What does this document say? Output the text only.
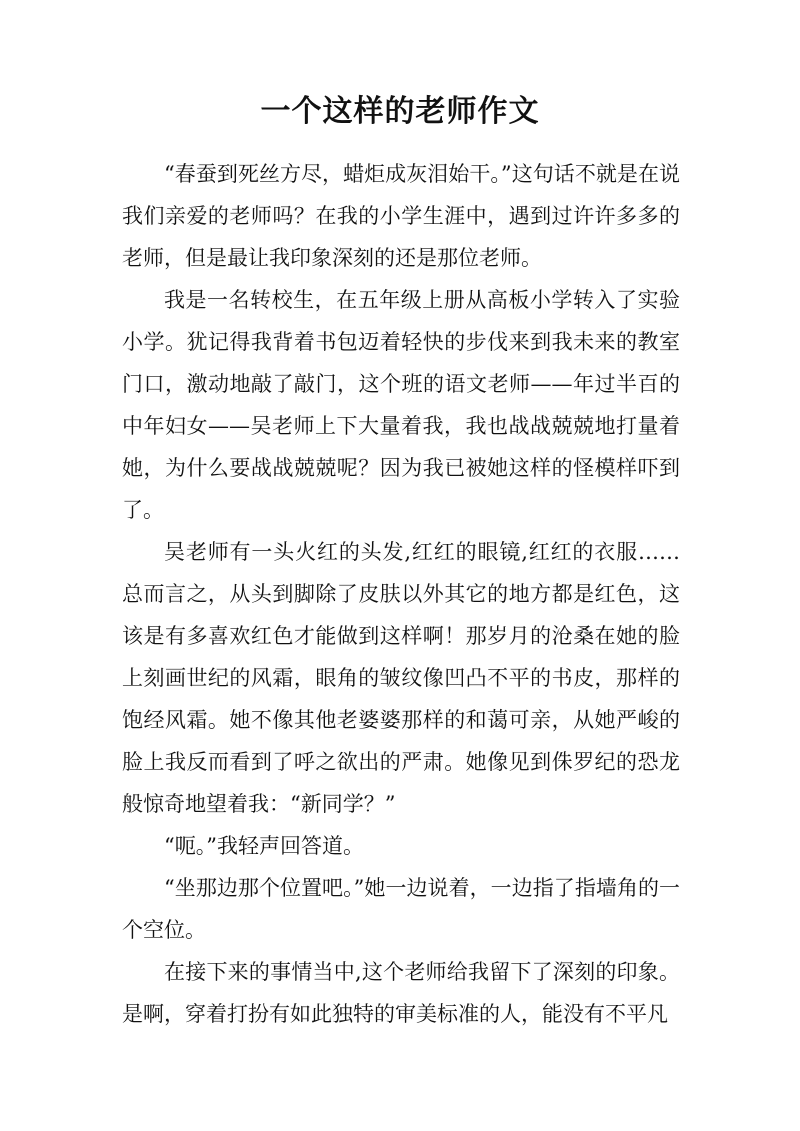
一个这样的老师作文

“春蚕到死丝方尽，蜡炬成灰泪始干。”这句话不就是在说我们亲爱的老师吗？在我的小学生涯中，遇到过许许多多的老师，但是最让我印象深刻的还是那位老师。

我是一名转校生，在五年级上册从高板小学转入了实验小学。犹记得我背着书包迈着轻快的步伐来到我未来的教室门口，激动地敲了敲门，这个班的语文老师——年过半百的中年妇女——吴老师上下大量着我，我也战战兢兢地打量着她，为什么要战战兢兢呢？因为我已被她这样的怪模样吓到了。

吴老师有一头火红的头发,红红的眼镜,红红的衣服……总而言之，从头到脚除了皮肤以外其它的地方都是红色，这该是有多喜欢红色才能做到这样啊！那岁月的沧桑在她的脸上刻画世纪的风霜，眼角的皱纹像凹凸不平的书皮，那样的饱经风霜。她不像其他老婆婆那样的和蔼可亲，从她严峻的脸上我反而看到了呼之欲出的严肃。她像见到侏罗纪的恐龙般惊奇地望着我：“新同学？”

“呃。”我轻声回答道。

“坐那边那个位置吧。”她一边说着，一边指了指墙角的一个空位。

在接下来的事情当中,这个老师给我留下了深刻的印象。是啊，穿着打扮有如此独特的审美标准的人，能没有不平凡
